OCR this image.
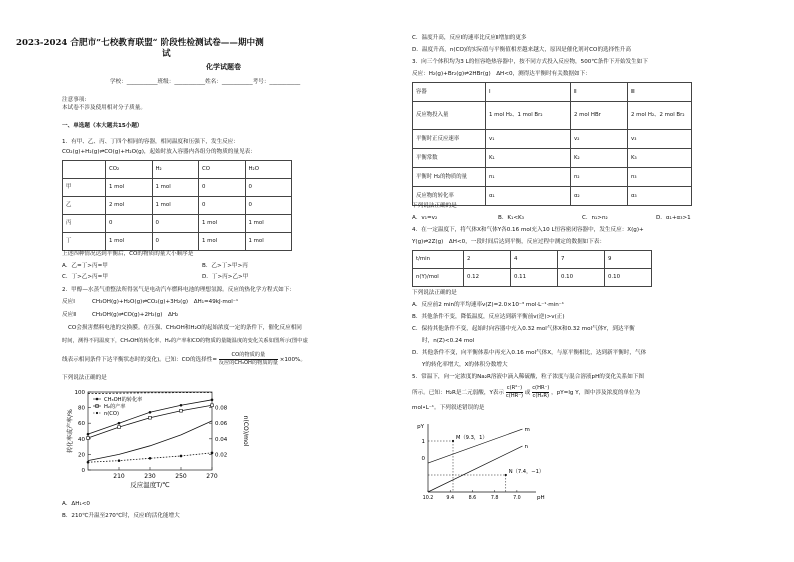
2023-2024 合肥市”七校教育联盟“ 阶段性检测试卷——期中测
试
化学试题卷
学校：___________班级：___________姓名：___________考号：___________
注意事项:
本试卷不涉及使用相对分子质量。
一、单选题（本大题共15小题）
1．有甲、乙、丙、丁四个相同的容器，相同温度和压强下，发生反应：
CO₂(g)+H₂(g)⇌CO(g)+H₂O(g)，起始时放入容器内各组分的物质的量见表：
	CO₂	H₂	CO	H₂O
甲	1 mol	1 mol	0	0
乙	2 mol	1 mol	0	0
丙	0	0	1 mol	1 mol
丁	1 mol	0	1 mol	1 mol
上述四种情况达到平衡后，CO的物质的量大小顺序是
A．乙=丁>丙=甲	B．乙>丁>甲>丙
C．丁>乙>丙=甲	D．丁>丙>乙>甲
2．甲醇—水蒸气重整法所得氢气是电动汽车燃料电池的理想氢源。反应的热化学方程式如下：
反应Ⅰ	CH₃OH(g)+H₂O(g)⇌CO₂(g)+3H₂(g)　ΔH₁=49kJ·mol⁻¹
反应Ⅱ	CH₃OH(g)⇌CO(g)+2H₂(g)　ΔH₂
CO会损害燃料电池的交换膜。在压强、CH₃OH和H₂O的起始浓度一定的条件下，催化反应相同
时间，测得不同温度下，CH₃OH的转化率、H₂的产率和CO的物质的量随温度的变化关系如图所示(图中虚
线表示相同条件下达平衡状态时的变化)。已知：CO的选择性= $\frac{\text{CO的物质的量}}{\text{反应的CH₃OH的物质的量}} \times 100\%$。
下列说法正确的是
0
20
40
60
80
100
0.02
0.04
0.06
0.08
210	230	250	270
反应温度T/℃
转化率或产率/%	n(CO)/mol
CH₃OH的转化率
H₂的产率
n(CO)
A．ΔH₁<0
B．210℃升温至270℃时，反应Ⅰ的活化能增大
C．温度升高，反应Ⅰ的速率比反应Ⅱ增加的更多
D．温度升高，n(CO)的实际值与平衡值相差越来越大，原因是催化剂对CO的选择性升高
3．向三个体积均为3 L的恒容绝热容器中，按不同方式投入反应物，500℃条件下开始发生如下
反应：H₂(g)+Br₂(g)⇌2HBr(g)　ΔH<0，测得达平衡时有关数据如下：
容器	Ⅰ	Ⅱ	Ⅲ
反应物投入量	1 mol H₂、1 mol Br₂	2 mol HBr	2 mol H₂、2 mol Br₂
平衡时正反应速率	v₁	v₂	v₃
平衡常数	K₁	K₂	K₃
平衡时 H₂的物质的量	n₁	n₂	n₃
反应物的转化率	α₁	α₂	α₃
下列说法正确的是
A．v₁=v₂	B．K₁<K₃	C．n₁>n₂	D．α₁+α₃>1
4．在一定温度下，将气体X和气体Y各0.16 mol充入10 L恒容密闭容器中，发生反应：X(g)+
Y(g)⇌2Z(g)　ΔH<0，一段时间后达到平衡，反应过程中测定的数据如下表：
t/min	2	4	7	9
n(Y)/mol	0.12	0.11	0.10	0.10
下列说法正确的是
A．反应前2 min的平均速率v(Z)=2.0×10⁻³ mol·L⁻¹·min⁻¹
B．其他条件不变，降低温度，反应达到新平衡前v(逆)>v(正)
C．保持其他条件不变，起始时向容器中充入0.32 mol气体X和0.32 mol气体Y，到达平衡
时，n(Z)<0.24 mol
D．其他条件不变，向平衡体系中再充入0.16 mol气体X，与原平衡相比，达到新平衡时，气体
Y的转化率增大，X的体积分数增大
5．常温下，向一定浓度的Na₂R溶液中滴入稀硫酸，粒子浓度与混合溶液pH的变化关系如下图
所示。已知：H₂R是二元弱酸，Y表示 $\frac{\text{c(R²⁻)}}{c(HR^-)}$ 或 $\frac{c(HR^-)}{\text{c(H₂R)}}$ ，pY=lg Y，图中涉及浓度的单位为
mol•L⁻¹。下列叙述错误的是
pY
pH
0
1
10.2	9.4	8.6	7.8	7.0
m
n
M（9.3，1）
N（7.4，−1）
